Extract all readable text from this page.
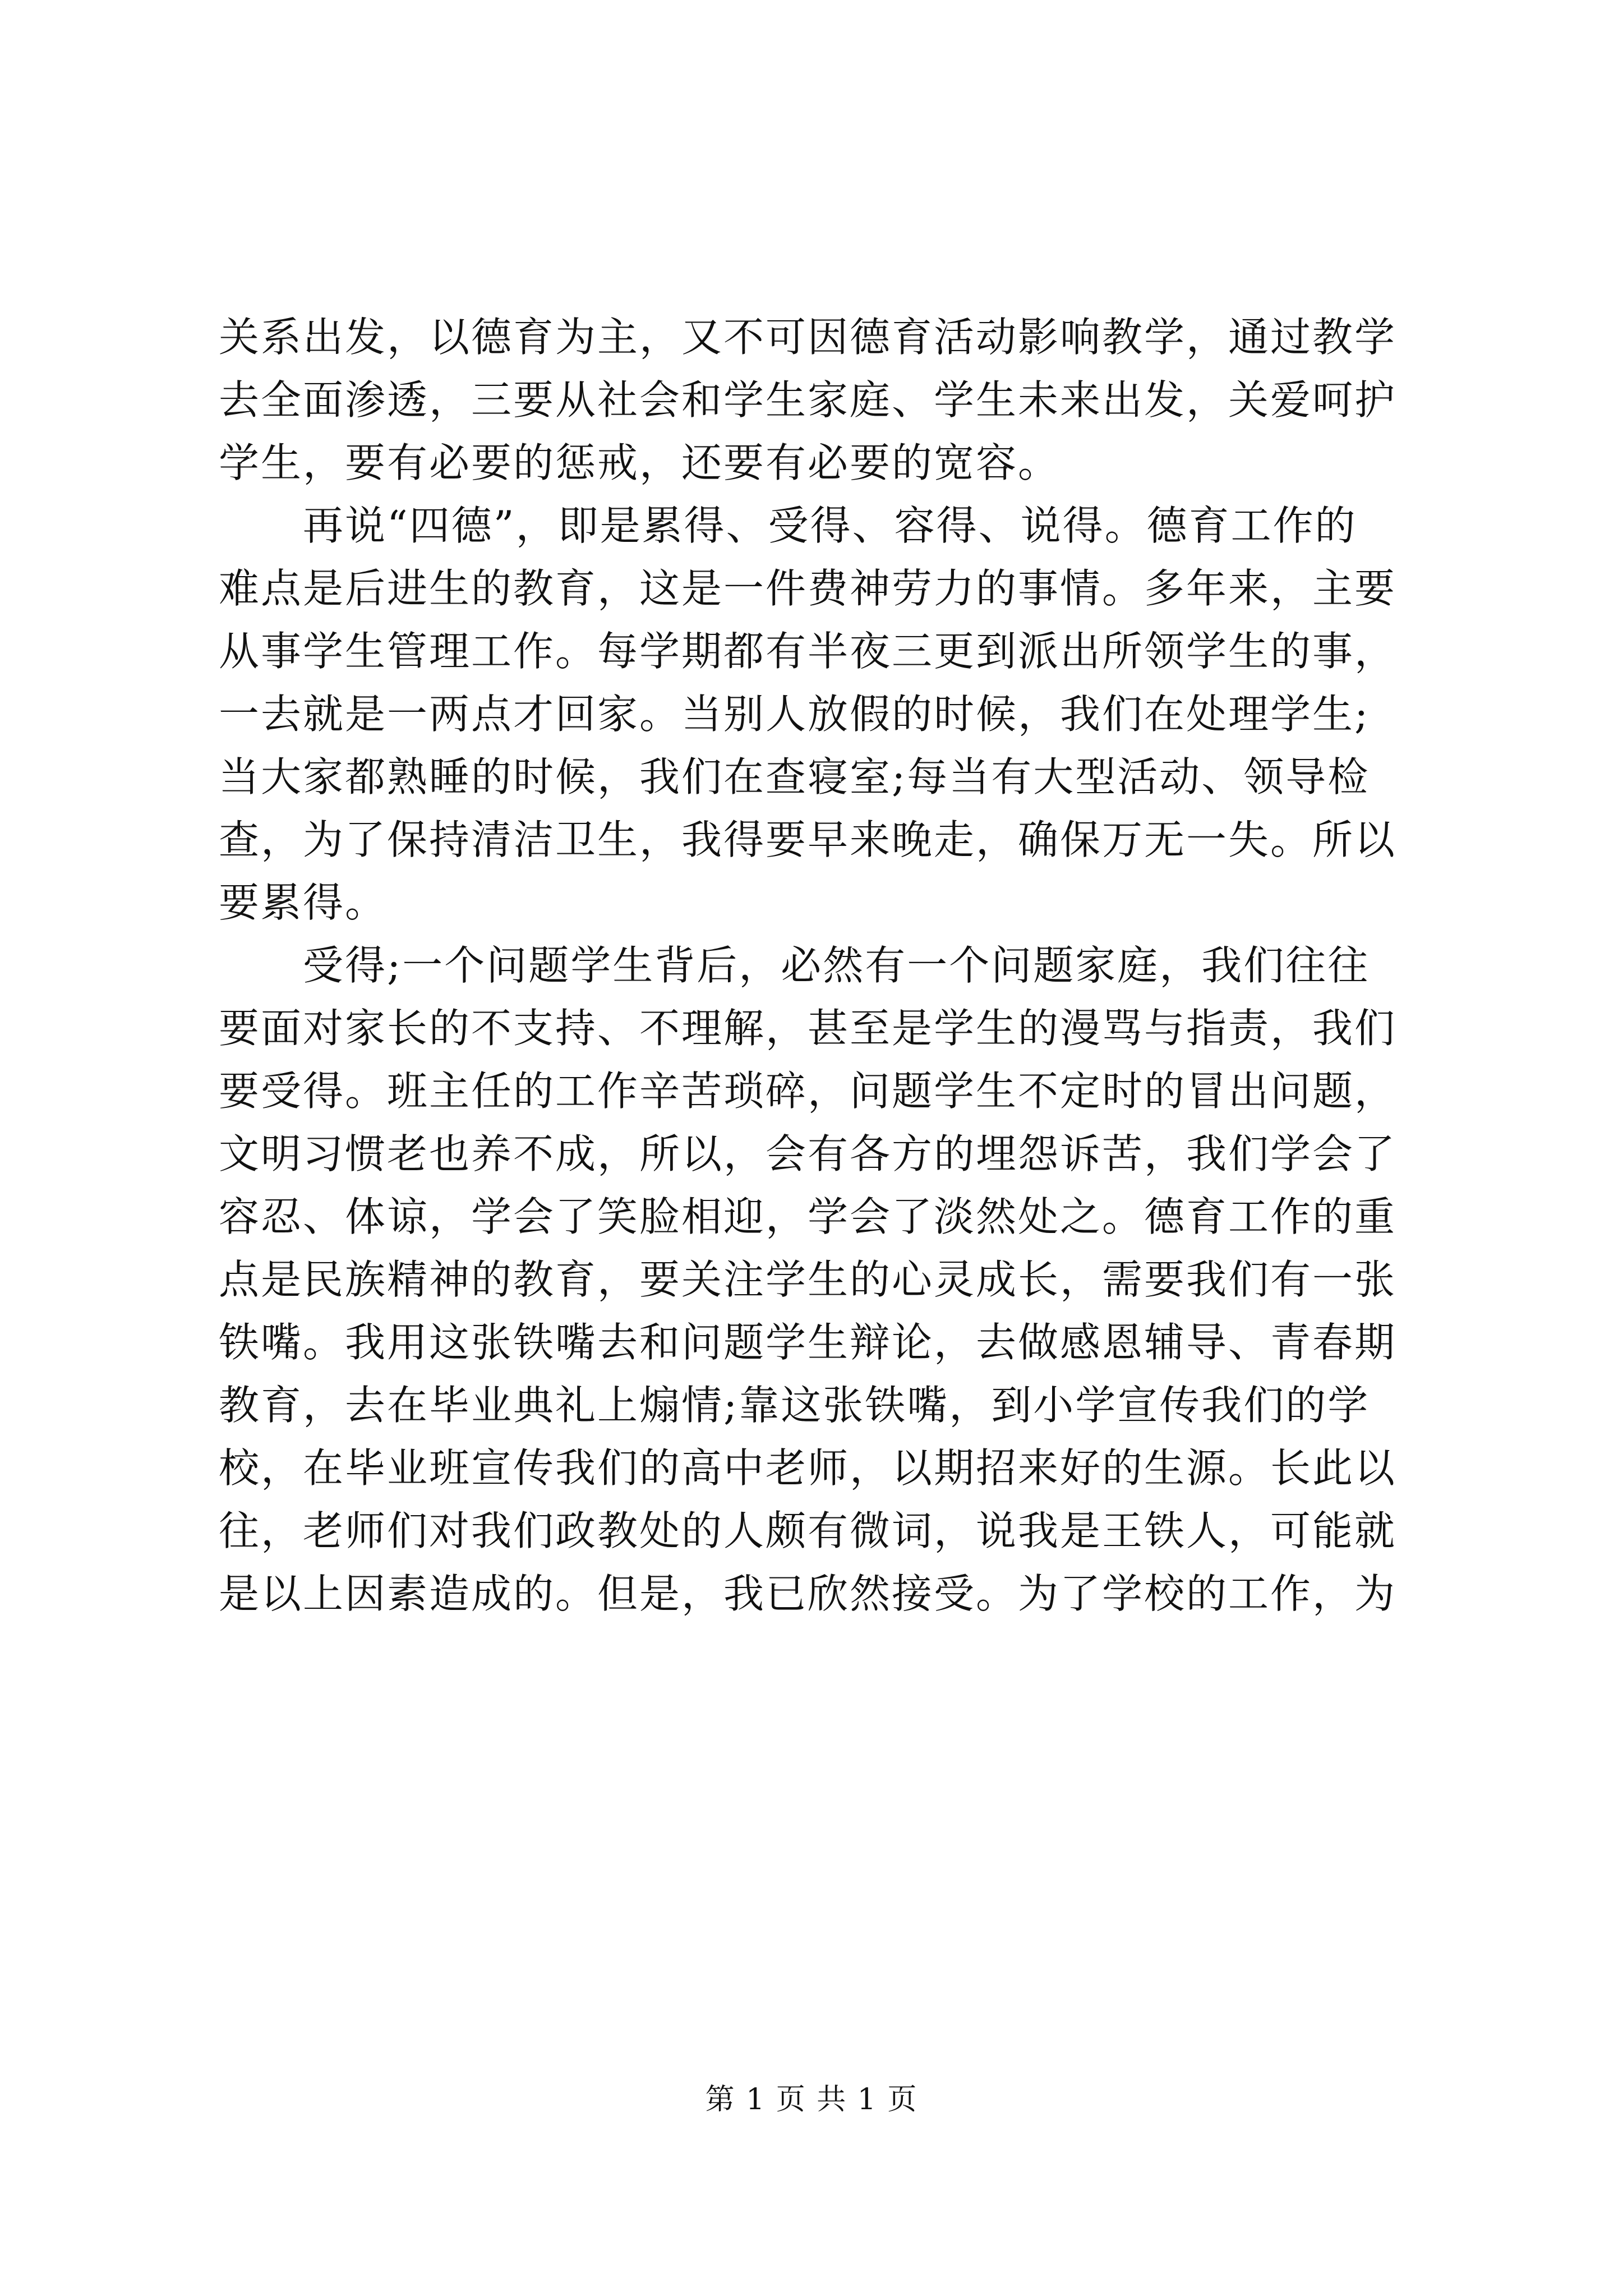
关系出发，以德育为主，又不可因德育活动影响教学，通过教学
去全面渗透，三要从社会和学生家庭、学生未来出发，关爱呵护
学生，要有必要的惩戒，还要有必要的宽容。
再说“四德”，即是累得、受得、容得、说得。德育工作的
难点是后进生的教育，这是一件费神劳力的事情。多年来，主要
从事学生管理工作。每学期都有半夜三更到派出所领学生的事，
一去就是一两点才回家。当别人放假的时候，我们在处理学生;
当大家都熟睡的时候，我们在查寝室;每当有大型活动、领导检
查，为了保持清洁卫生，我得要早来晚走，确保万无一失。所以
要累得。
受得;一个问题学生背后，必然有一个问题家庭，我们往往
要面对家长的不支持、不理解，甚至是学生的漫骂与指责，我们
要受得。班主任的工作辛苦琐碎，问题学生不定时的冒出问题，
文明习惯老也养不成，所以，会有各方的埋怨诉苦，我们学会了
容忍、体谅，学会了笑脸相迎，学会了淡然处之。德育工作的重
点是民族精神的教育，要关注学生的心灵成长，需要我们有一张
铁嘴。我用这张铁嘴去和问题学生辩论，去做感恩辅导、青春期
教育，去在毕业典礼上煽情;靠这张铁嘴，到小学宣传我们的学
校，在毕业班宣传我们的高中老师，以期招来好的生源。长此以
往，老师们对我们政教处的人颇有微词，说我是王铁人，可能就
是以上因素造成的。但是，我已欣然接受。为了学校的工作，为
第 1 页 共 1 页
